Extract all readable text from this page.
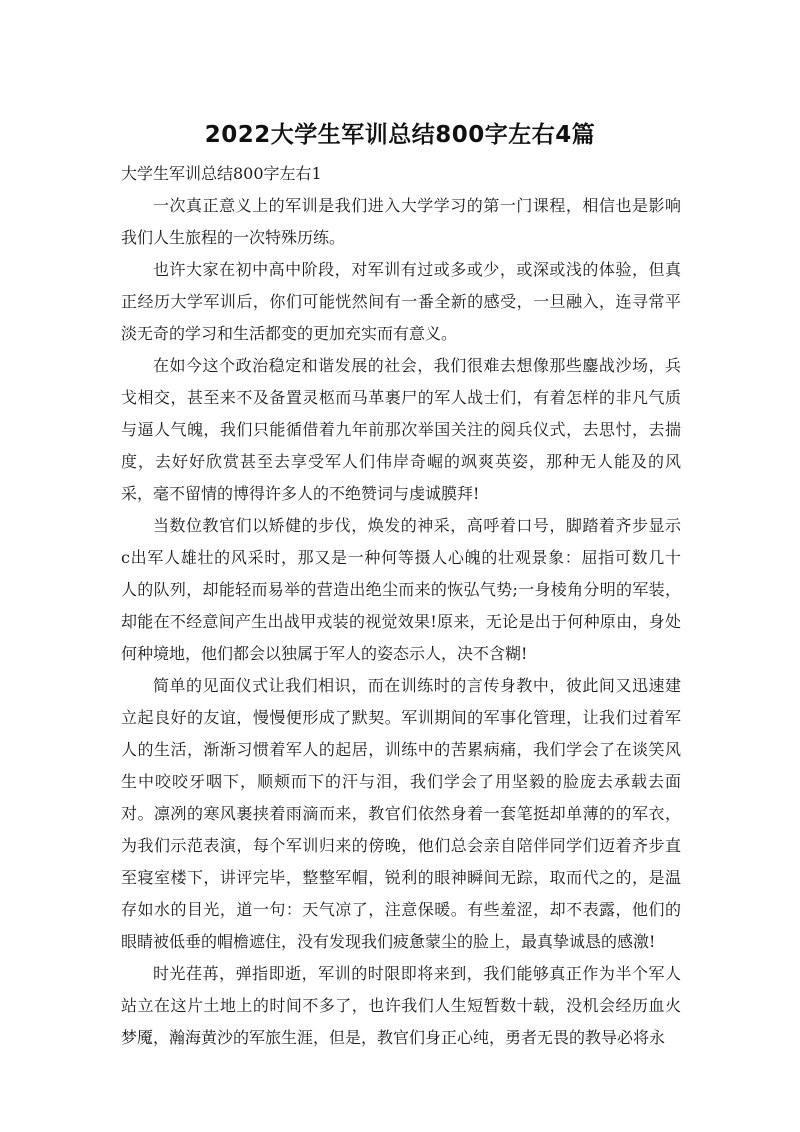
2022大学生军训总结800字左右4篇

大学生军训总结800字左右1

一次真正意义上的军训是我们进入大学学习的第一门课程，相信也是影响
我们人生旅程的一次特殊历练。

也许大家在初中高中阶段，对军训有过或多或少，或深或浅的体验，但真
正经历大学军训后，你们可能恍然间有一番全新的感受，一旦融入，连寻常平
淡无奇的学习和生活都变的更加充实而有意义。

在如今这个政治稳定和谐发展的社会，我们很难去想像那些鏖战沙场，兵
戈相交，甚至来不及备置灵柩而马革裹尸的军人战士们，有着怎样的非凡气质
与逼人气魄，我们只能循借着九年前那次举国关注的阅兵仪式，去思忖，去揣
度，去好好欣赏甚至去享受军人们伟岸奇崛的飒爽英姿，那种无人能及的风
采，毫不留情的博得许多人的不绝赞词与虔诚膜拜!

当数位教官们以矫健的步伐，焕发的神采，高呼着口号，脚踏着齐步显示
c出军人雄壮的风采时，那又是一种何等摄人心魄的壮观景象：屈指可数几十
人的队列，却能轻而易举的营造出绝尘而来的恢弘气势;一身棱角分明的军装，
却能在不经意间产生出战甲戎装的视觉效果!原来，无论是出于何种原由，身处
何种境地，他们都会以独属于军人的姿态示人，决不含糊!

简单的见面仪式让我们相识，而在训练时的言传身教中，彼此间又迅速建
立起良好的友谊，慢慢便形成了默契。军训期间的军事化管理，让我们过着军
人的生活，渐渐习惯着军人的起居，训练中的苦累病痛，我们学会了在谈笑风
生中咬咬牙咽下，顺颊而下的汗与泪，我们学会了用坚毅的脸庞去承载去面
对。凛冽的寒风裹挟着雨滴而来，教官们依然身着一套笔挺却单薄的的军衣，
为我们示范表演，每个军训归来的傍晚，他们总会亲自陪伴同学们迈着齐步直
至寝室楼下，讲评完毕，整整军帽，锐利的眼神瞬间无踪，取而代之的，是温
存如水的目光，道一句：天气凉了，注意保暖。有些羞涩，却不表露，他们的
眼睛被低垂的帽檐遮住，没有发现我们疲惫蒙尘的脸上，最真挚诚恳的感激!

时光荏苒，弹指即逝，军训的时限即将来到，我们能够真正作为半个军人
站立在这片土地上的时间不多了，也许我们人生短暂数十载，没机会经历血火
梦魇，瀚海黄沙的军旅生涯，但是，教官们身正心纯，勇者无畏的教导必将永
